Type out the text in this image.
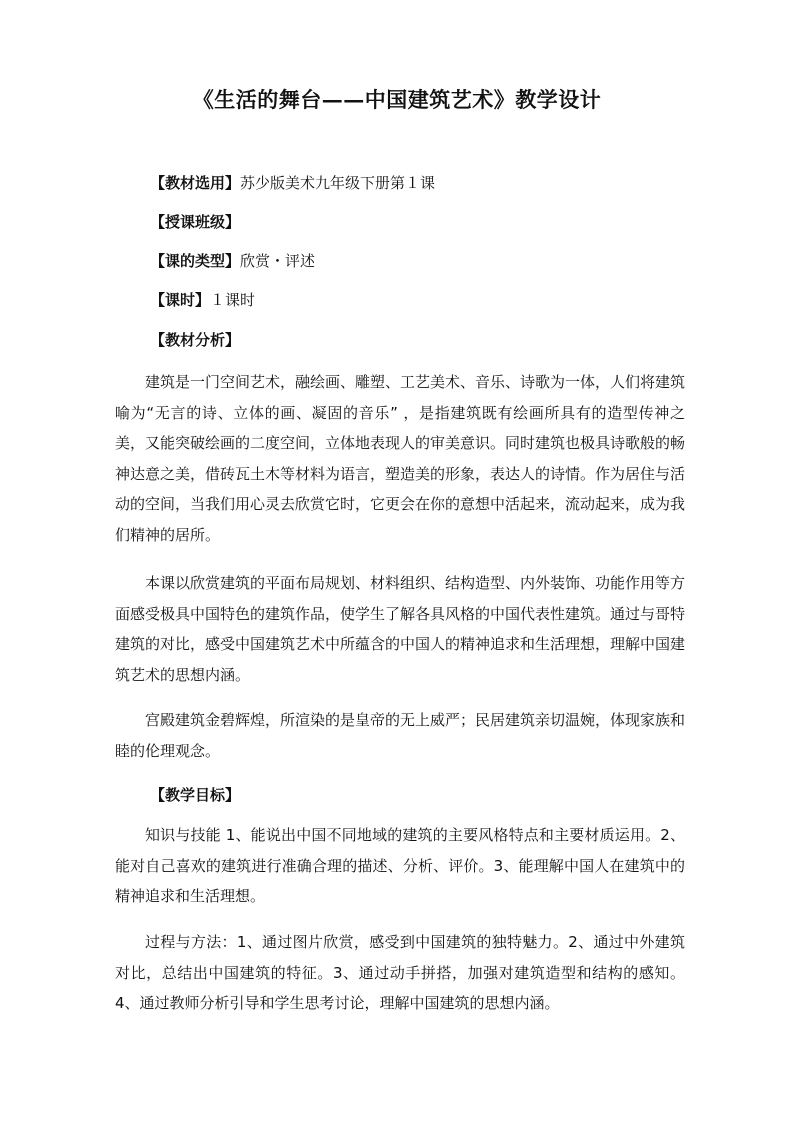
《生活的舞台——中国建筑艺术》教学设计
【教材选用】苏少版美术九年级下册第１课
【授课班级】
【课的类型】欣赏・评述
【课时】１课时
【教材分析】

建筑是一门空间艺术，融绘画、雕塑、工艺美术、音乐、诗歌为一体，人们将建筑喻为“无言的诗、立体的画、凝固的音乐” ，是指建筑既有绘画所具有的造型传神之美，又能突破绘画的二度空间，立体地表现人的审美意识。同时建筑也极具诗歌般的畅神达意之美，借砖瓦土木等材料为语言，塑造美的形象，表达人的诗情。作为居住与活动的空间，当我们用心灵去欣赏它时，它更会在你的意想中活起来，流动起来，成为我们精神的居所。

本课以欣赏建筑的平面布局规划、材料组织、结构造型、内外装饰、功能作用等方面感受极具中国特色的建筑作品，使学生了解各具风格的中国代表性建筑。通过与哥特建筑的对比，感受中国建筑艺术中所蕴含的中国人的精神追求和生活理想，理解中国建筑艺术的思想内涵。

宫殿建筑金碧辉煌，所渲染的是皇帝的无上威严；民居建筑亲切温婉，体现家族和睦的伦理观念。

【教学目标】

知识与技能 1、能说出中国不同地域的建筑的主要风格特点和主要材质运用。2、能对自己喜欢的建筑进行准确合理的描述、分析、评价。3、能理解中国人在建筑中的精神追求和生活理想。

过程与方法：1、通过图片欣赏，感受到中国建筑的独特魅力。2、通过中外建筑对比，总结出中国建筑的特征。3、通过动手拼搭，加强对建筑造型和结构的感知。4、通过教师分析引导和学生思考讨论，理解中国建筑的思想内涵。
